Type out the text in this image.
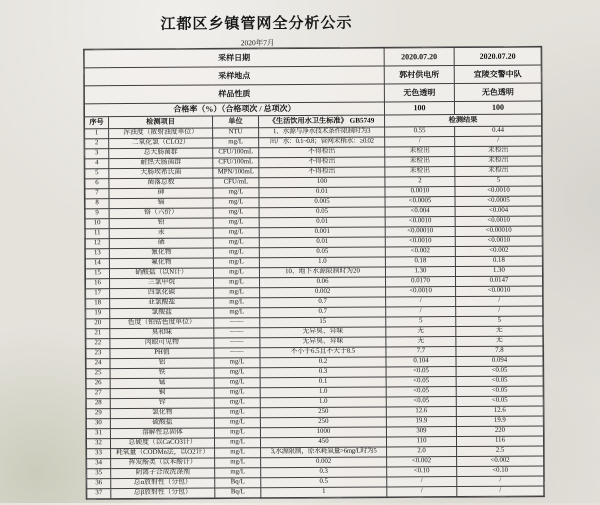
江都区乡镇管网全分析公示
2020年7月
采样日期				2020.07.20	2020.07.20
采样地点				郭村供电所	宜陵交警中队
样品性质				无色透明	无色透明
合格率（%）（合格项次 / 总项次）				100	100
序号	检测项目	单位	《生活饮用水卫生标准》 GB5749	检测结果	
1	浑浊度（散射浊度单位）	NTU	1、水源与净水技术条件限制时为3	0.55	0.44
2	二氧化氯（CLO2）	mg/L	出厂水：0.1~0.8；管网末梢水：≥0.02	/	/
3	总大肠菌群	CFU/100mL	不得检出	未检出	未检出
4	耐热大肠菌群	CFU/100mL	不得检出	未检出	未检出
5	大肠埃希氏菌	MPN/100mL	不得检出	未检出	未检出
6	菌落总数	CFU/mL	100	2	5
7	砷	mg/L	0.01	0.0010	<0.0010
8	镉	mg/L	0.005	<0.0005	<0.0005
9	铬（六价）	mg/L	0.05	<0.004	<0.004
10	铅	mg/L	0.01	<0.0010	<0.0010
11	汞	mg/L	0.001	<0.00010	<0.00010
12	硒	mg/L	0.01	<0.0010	<0.0010
13	氰化物	mg/L	0.05	<0.002	<0.002
14	氟化物	mg/L	1.0	0.18	0.18
15	硝酸盐（以N计）	mg/L	10、地下水源限制时为20	1.30	1.30
16	三氯甲烷	mg/L	0.06	0.0170	0.0147
17	四氯化碳	mg/L	0.002	<0.0010	<0.0010
18	亚氯酸盐	mg/L	0.7	/	/
19	氯酸盐	mg/L	0.7	/	/
20	色度（铂钴色度单位）	——	15	5	5
21	臭和味	——	无异臭、异味	无	无
22	肉眼可见物	——	无异臭、异味	无	无
23	PH值	——	不小于6.5且不大于8.5	7.7	7.8
24	铝	mg/L	0.2	0.104	0.094
25	铁	mg/L	0.3	<0.05	<0.05
26	锰	mg/L	0.1	<0.05	<0.05
27	铜	mg/L	1.0	<0.05	<0.05
28	锌	mg/L	1.0	<0.05	<0.05
29	氯化物	mg/L	250	12.6	12.6
30	硫酸盐	mg/L	250	19.9	19.9
31	溶解性总固体	mg/L	1000	309	220
32	总硬度（以CaCO3计）	mg/L	450	110	116
33	耗氧量（CODMn法，以O2计）	mg/L	3,水源限制，原水耗氧量>6mg/L时为5	2.0	2.5
34	挥发酚类（以苯酚计）	mg/L	0.002	<0.002	<0.002
35	阴离子合成洗涤剂	mg/L	0.3	<0.10	<0.10
36	总α放射性（分包）	Bq/L	0.5	/	/
37	总β放射性（分包）	Bq/L	1	/	/
